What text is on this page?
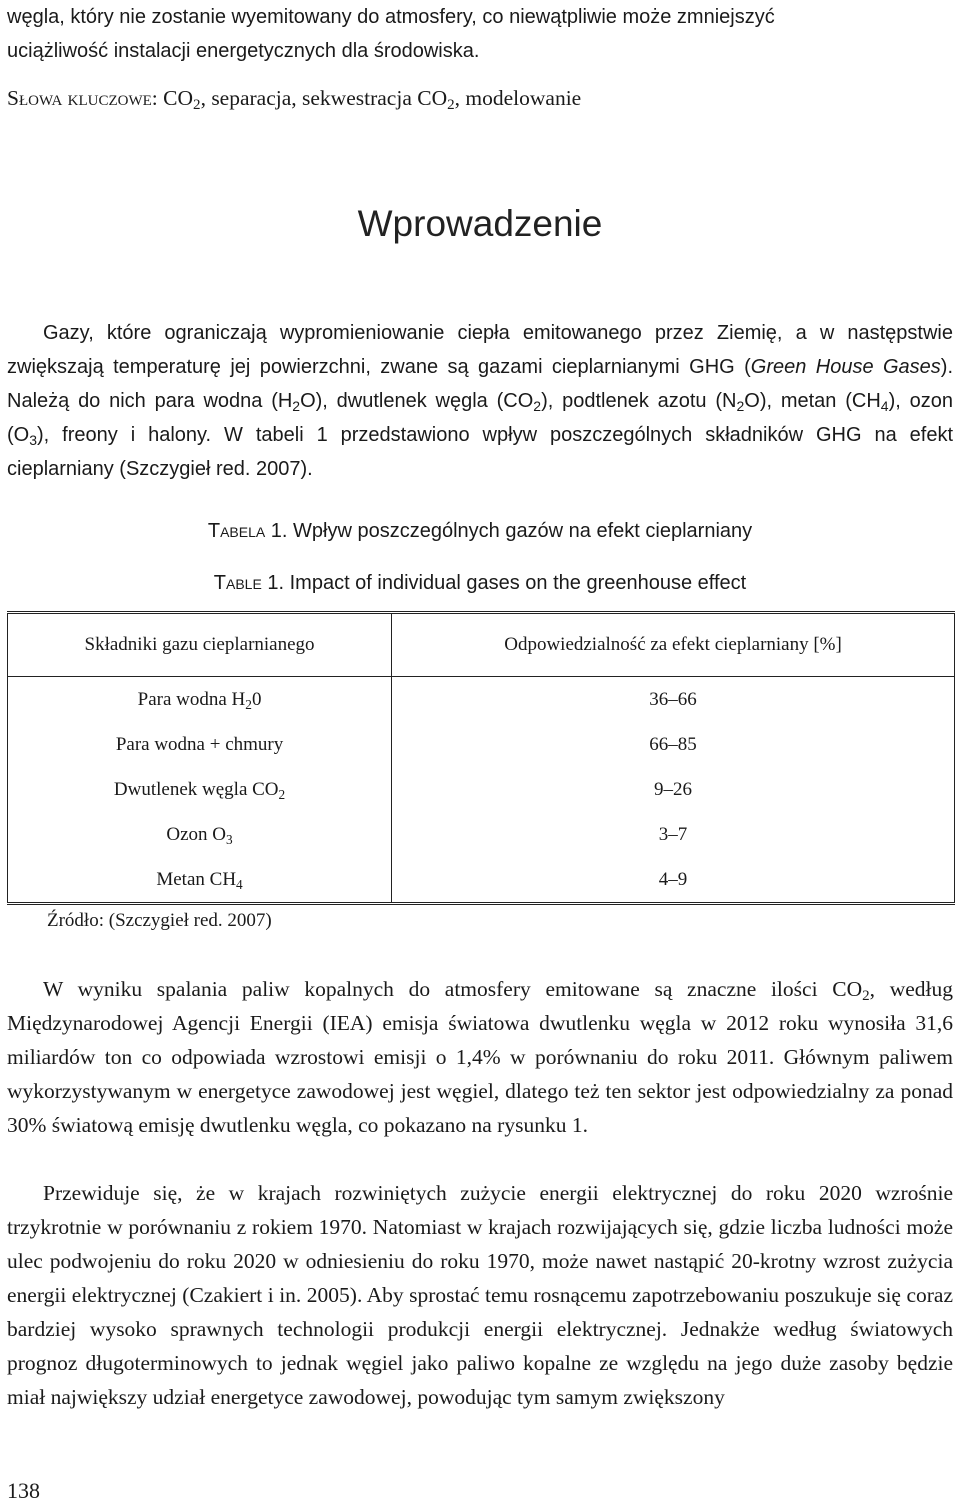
węgla, który nie zostanie wyemitowany do atmosfery, co niewątpliwie może zmniejszyć

uciążliwość instalacji energetycznych dla środowiska.

Słowa kluczowe: $CO_2$, separacja, sekwestracja $CO_2$, modelowanie
Wprowadzenie

Gazy, które ograniczają wypromieniowanie ciepła emitowanego przez Ziemię, a w następstwie zwiększają temperaturę jej powierzchni, zwane są gazami cieplarnianymi GHG (Green House Gases). Należą do nich para wodna $(H_2O)$, dwutlenek węgla $(CO_2)$, podtlenek azotu $(N_2O)$, metan $(CH_4)$, ozon $(O_3)$, freony i halony. W tabeli 1 przedstawiono wpływ poszczególnych składników GHG na efekt cieplarniany (Szczygieł red. 2007).

Tabela 1. Wpływ poszczególnych gazów na efekt cieplarniany
Table 1. Impact of individual gases on the greenhouse effect
Składniki gazu cieplarnianego	Odpowiedzialność za efekt cieplarniany [%]
Para wodna $H_20$	36–66
Para wodna + chmury	66–85
Dwutlenek węgla $CO_2$	9–26
Ozon $O_3$	3–7
Metan $CH_4$	4–9
Źródło: (Szczygieł red. 2007)

W wyniku spalania paliw kopalnych do atmosfery emitowane są znaczne ilości $CO_2$, według Międzynarodowej Agencji Energii (IEA) emisja światowa dwutlenku węgla w 2012 roku wynosiła 31,6 miliardów ton co odpowiada wzrostowi emisji o 1,4% w porównaniu do roku 2011. Głównym paliwem wykorzystywanym w energetyce zawodowej jest węgiel, dlatego też ten sektor jest odpowiedzialny za ponad 30% światową emisję dwutlenku węgla, co pokazano na rysunku 1.

Przewiduje się, że w krajach rozwiniętych zużycie energii elektrycznej do roku 2020 wzrośnie trzykrotnie w porównaniu z rokiem 1970. Natomiast w krajach rozwijających się, gdzie liczba ludności może ulec podwojeniu do roku 2020 w odniesieniu do roku 1970, może nawet nastąpić 20-krotny wzrost zużycia energii elektrycznej (Czakiert i in. 2005). Aby sprostać temu rosnącemu zapotrzebowaniu poszukuje się coraz bardziej wysoko sprawnych technologii produkcji energii elektrycznej. Jednakże według światowych prognoz długoterminowych to jednak węgiel jako paliwo kopalne ze względu na jego duże zasoby będzie miał największy udział energetyce zawodowej, powodując tym samym zwiększony

138
